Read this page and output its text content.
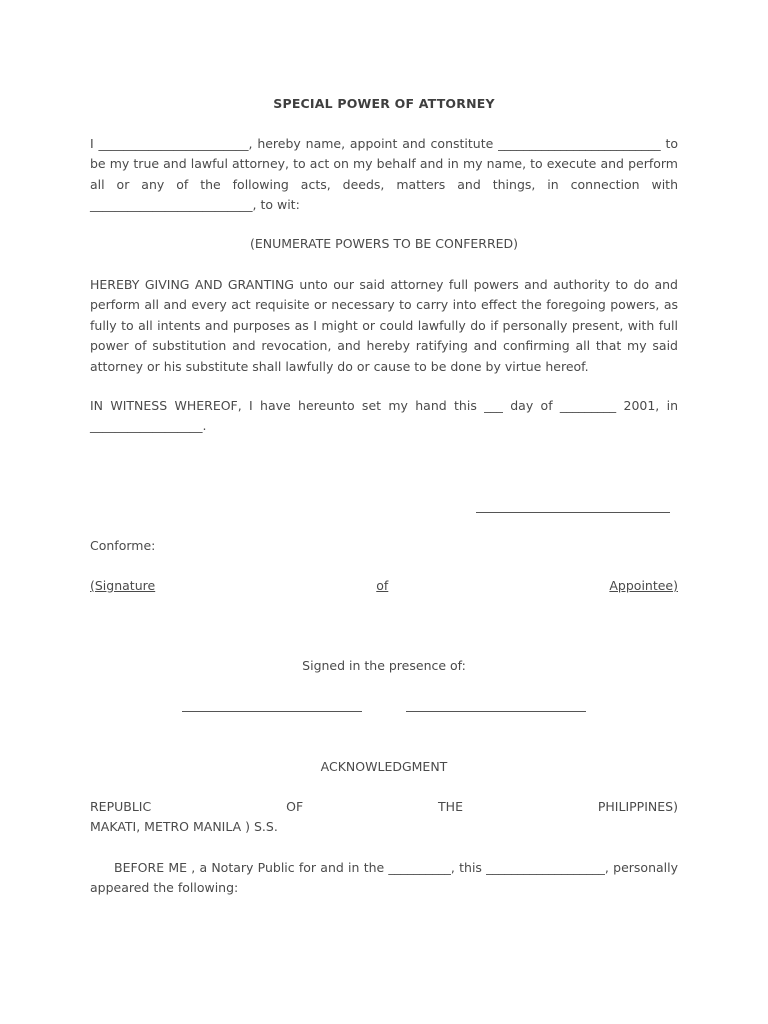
SPECIAL POWER OF ATTORNEY

I ________________________, hereby name, appoint and constitute __________________________ to be my true and lawful attorney, to act on my behalf and in my name, to execute and perform all or any of the following acts, deeds, matters and things, in connection with __________________________, to wit:

(ENUMERATE POWERS TO BE CONFERRED)

HEREBY GIVING AND GRANTING unto our said attorney full powers and authority to do and perform all and every act requisite or necessary to carry into effect the foregoing powers, as fully to all intents and purposes as I might or could lawfully do if personally present, with full power of substitution and revocation, and hereby ratifying and confirming all that my said attorney or his substitute shall lawfully do or cause to be done by virtue hereof.

IN WITNESS WHEREOF, I have hereunto set my hand this ___ day of _________ 2001, in __________________.

Conforme:
(Signature	of	Appointee)
Signed in the presence of:
ACKNOWLEDGMENT
REPUBLIC	OF	THE	PHILIPPINES)
MAKATI, METRO MANILA ) S.S.

BEFORE ME , a Notary Public for and in the __________, this ___________________, personally appeared the following:
